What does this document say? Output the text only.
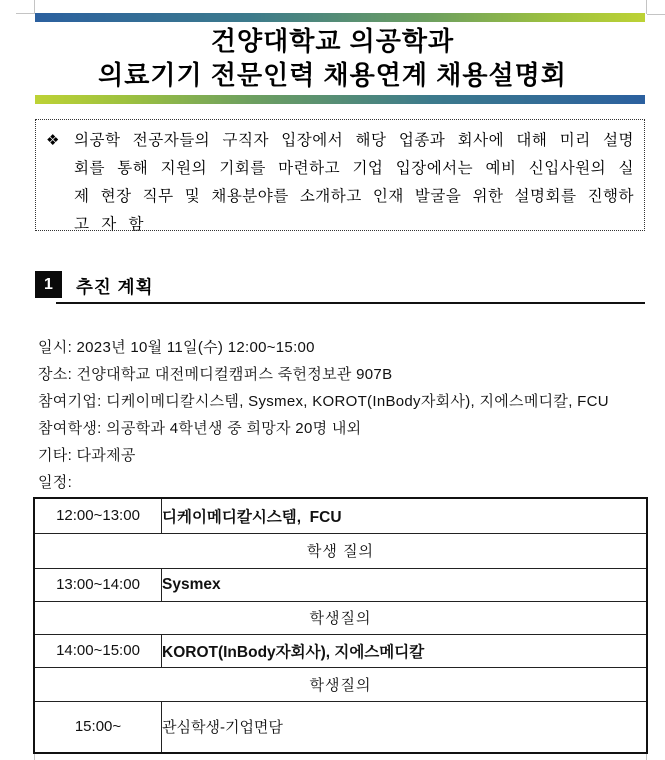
건양대학교 의공학과
의료기기 전문인력 채용연계 채용설명회
❖ 의공학 전공자들의 구직자 입장에서 해당 업종과 회사에 대해 미리 설명
회를 통해 지원의 기회를 마련하고 기업 입장에서는 예비 신입사원의 실
제 현장 직무 및 채용분야를 소개하고 인재 발굴을 위한 설명회를 진행하
고 자 함
1	추진 계획
일시: 2023년 10월 11일(수) 12:00~15:00
장소: 건양대학교 대전메디컬캠퍼스 죽헌정보관 907B
참여기업: 디케이메디칼시스템, Sysmex, KOROT(InBody자회사), 지에스메디칼, FCU
참여학생: 의공학과 4학년생 중 희망자 20명 내외
기타: 다과제공
일정:
12:00~13:00	디케이메디칼시스템,  FCU
학생 질의	
13:00~14:00	Sysmex
학생질의	
14:00~15:00	KOROT(InBody자회사), 지에스메디칼
학생질의	
15:00~	관심학생-기업면담
